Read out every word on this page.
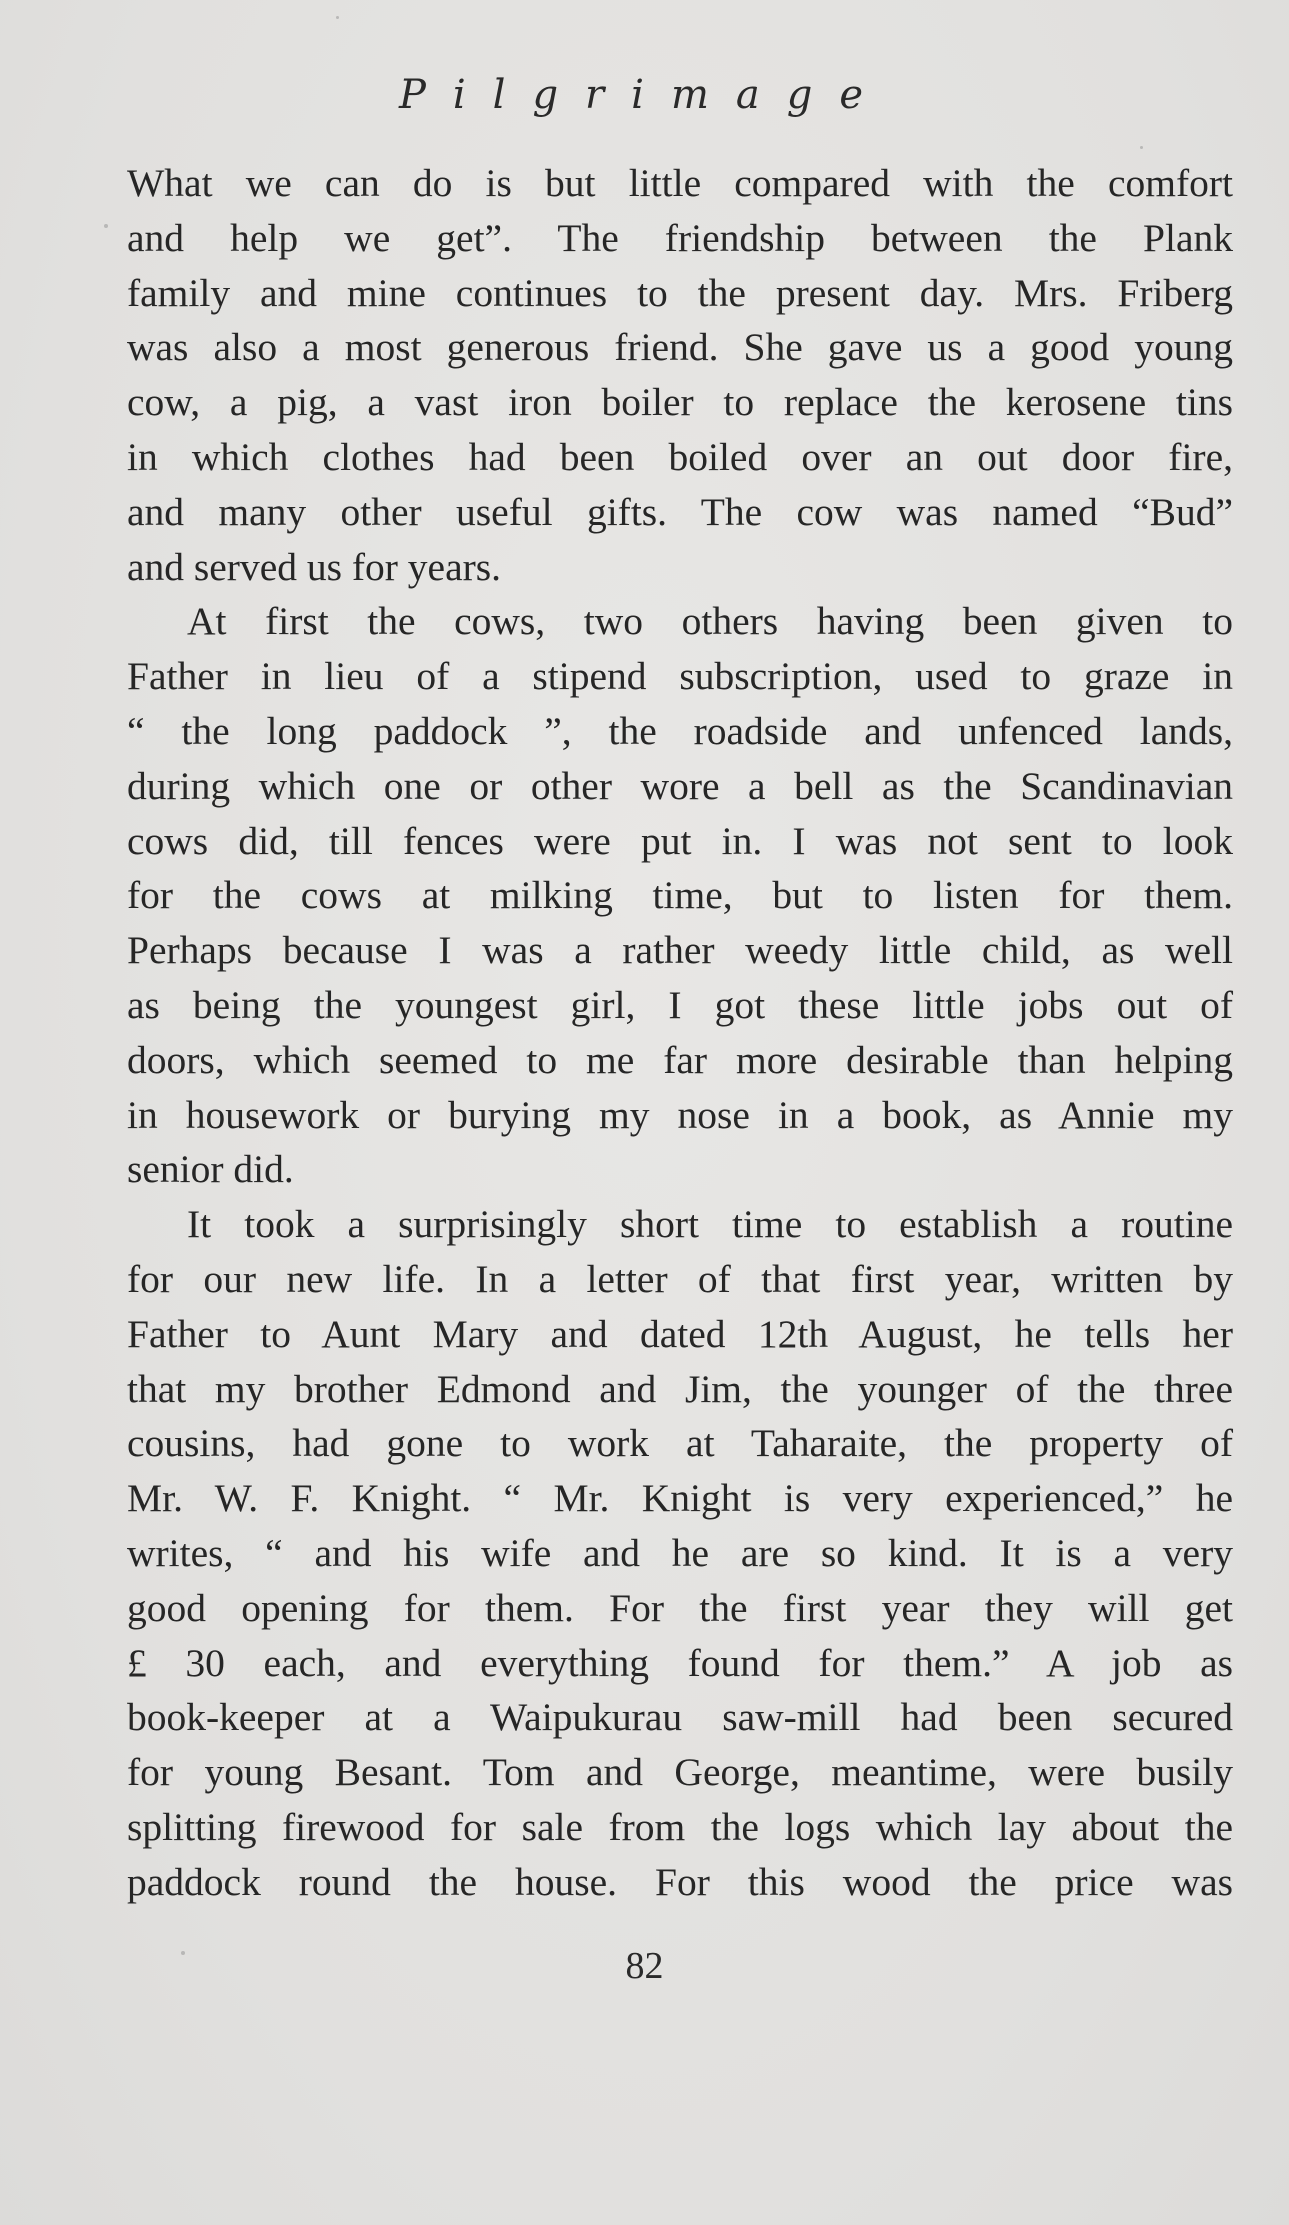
Pilgrimage
What we can do is but little compared with the comfort
and help we get”. The friendship between the Plank
family and mine continues to the present day. Mrs. Friberg
was also a most generous friend. She gave us a good young
cow, a pig, a vast iron boiler to replace the kerosene tins
in which clothes had been boiled over an out door fire,
and many other useful gifts. The cow was named “Bud”
and served us for years.
At first the cows, two others having been given to
Father in lieu of a stipend subscription, used to graze in
“ the long paddock ”, the roadside and unfenced lands,
during which one or other wore a bell as the Scandinavian
cows did, till fences were put in. I was not sent to look
for the cows at milking time, but to listen for them.
Perhaps because I was a rather weedy little child, as well
as being the youngest girl, I got these little jobs out of
doors, which seemed to me far more desirable than helping
in housework or burying my nose in a book, as Annie my
senior did.
It took a surprisingly short time to establish a routine
for our new life. In a letter of that first year, written by
Father to Aunt Mary and dated 12th August, he tells her
that my brother Edmond and Jim, the younger of the three
cousins, had gone to work at Taharaite, the property of
Mr. W. F. Knight. “ Mr. Knight is very experienced,” he
writes, “ and his wife and he are so kind. It is a very
good opening for them. For the first year they will get
£ 30 each, and everything found for them.” A job as
book-keeper at a Waipukurau saw-mill had been secured
for young Besant. Tom and George, meantime, were busily
splitting firewood for sale from the logs which lay about the
paddock round the house. For this wood the price was
82
